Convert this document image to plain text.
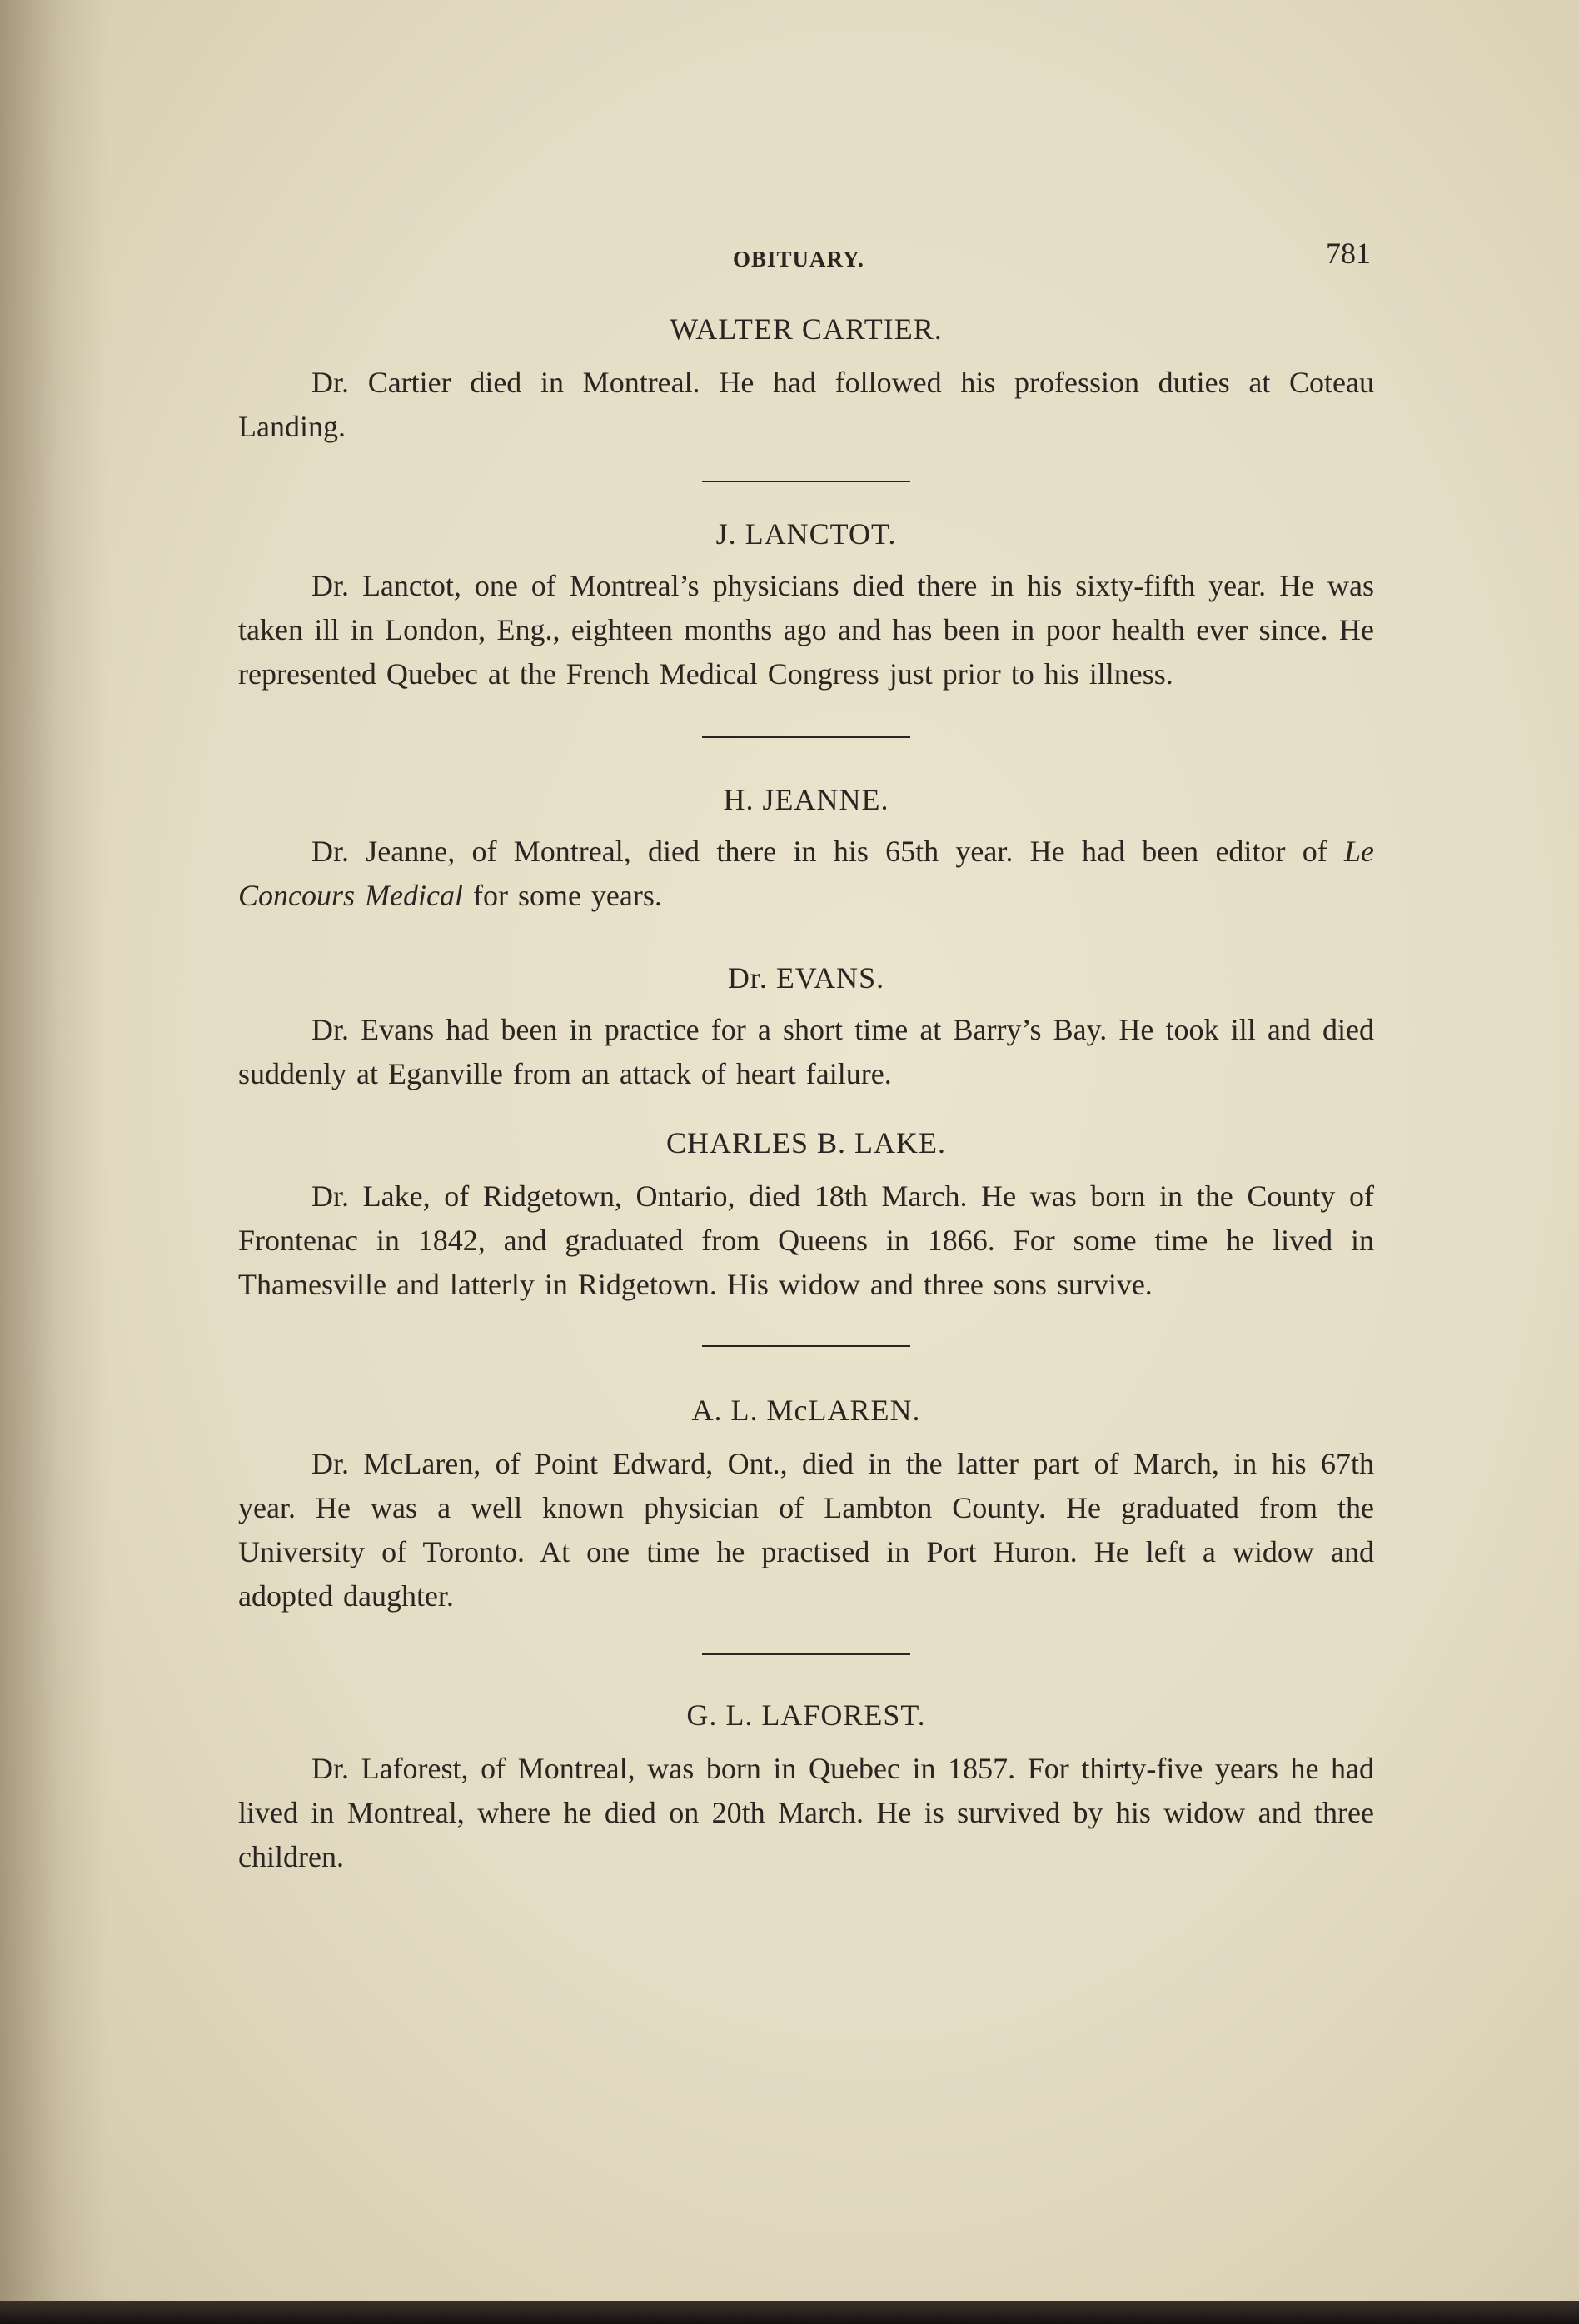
OBITUARY.	781
WALTER CARTIER.

Dr. Cartier died in Montreal. He had followed his profession duties at Coteau Landing.

J. LANCTOT.

Dr. Lanctot, one of Montreal’s physicians died there in his sixty-fifth year. He was taken ill in London, Eng., eighteen months ago and has been in poor health ever since. He represented Quebec at the French Medical Congress just prior to his illness.

H. JEANNE.

Dr. Jeanne, of Montreal, died there in his 65th year. He had been editor of Le Concours Medical for some years.

Dr. EVANS.

Dr. Evans had been in practice for a short time at Barry’s Bay. He took ill and died suddenly at Eganville from an attack of heart failure.

CHARLES B. LAKE.

Dr. Lake, of Ridgetown, Ontario, died 18th March. He was born in the County of Frontenac in 1842, and graduated from Queens in 1866. For some time he lived in Thamesville and latterly in Ridgetown. His widow and three sons survive.

A. L. McLAREN.

Dr. McLaren, of Point Edward, Ont., died in the latter part of March, in his 67th year. He was a well known physician of Lambton County. He graduated from the University of Toronto. At one time he practised in Port Huron. He left a widow and adopted daughter.

G. L. LAFOREST.

Dr. Laforest, of Montreal, was born in Quebec in 1857. For thirty-five years he had lived in Montreal, where he died on 20th March. He is survived by his widow and three children.
